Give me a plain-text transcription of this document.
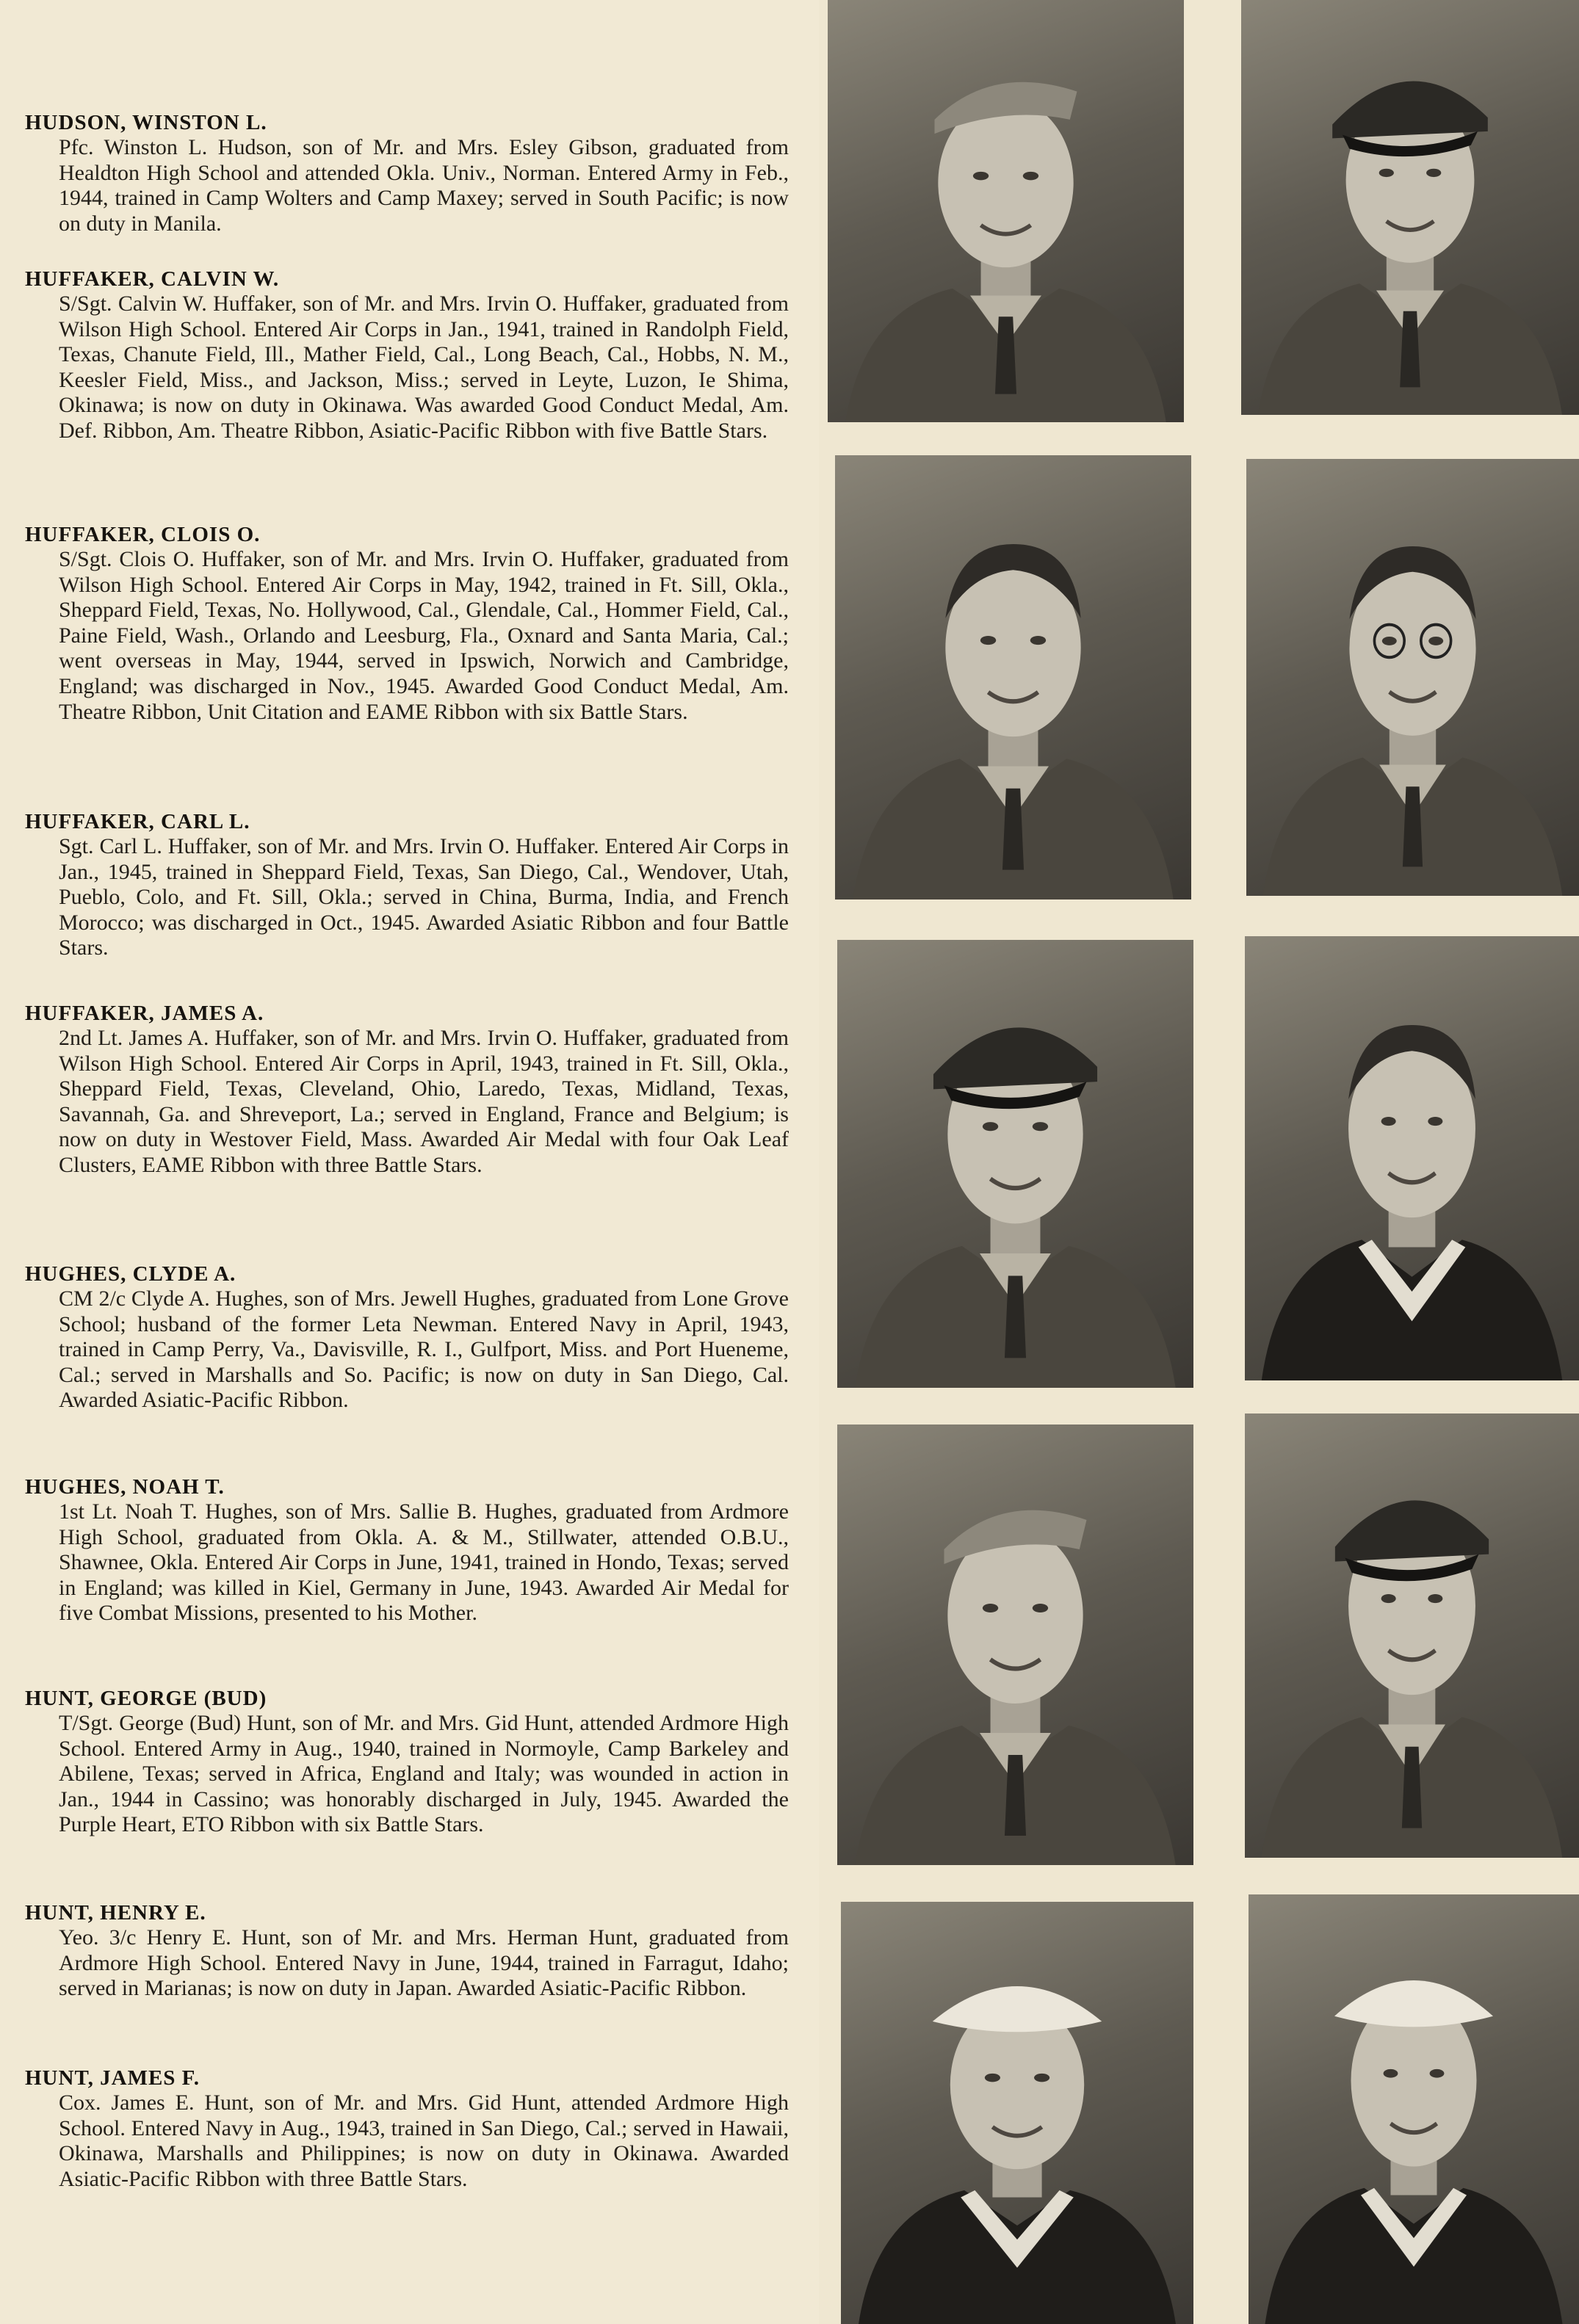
HUDSON, WINSTON L.

Pfc. Winston L. Hudson, son of Mr. and Mrs. Esley Gibson, graduated from Healdton High School and attended Okla. Univ., Norman. Entered Army in Feb., 1944, trained in Camp Wolters and Camp Maxey; served in South Pacific; is now on duty in Manila.

HUFFAKER, CALVIN W.

S/Sgt. Calvin W. Huffaker, son of Mr. and Mrs. Irvin O. Huffaker, graduated from Wilson High School. Entered Air Corps in Jan., 1941, trained in Randolph Field, Texas, Chanute Field, Ill., Mather Field, Cal., Long Beach, Cal., Hobbs, N. M., Keesler Field, Miss., and Jackson, Miss.; served in Leyte, Luzon, Ie Shima, Okinawa; is now on duty in Okinawa. Was awarded Good Conduct Medal, Am. Def. Ribbon, Am. Theatre Ribbon, Asiatic-Pacific Ribbon with five Battle Stars.

HUFFAKER, CLOIS O.

S/Sgt. Clois O. Huffaker, son of Mr. and Mrs. Irvin O. Huffaker, graduated from Wilson High School. Entered Air Corps in May, 1942, trained in Ft. Sill, Okla., Sheppard Field, Texas, No. Hollywood, Cal., Glendale, Cal., Hommer Field, Cal., Paine Field, Wash., Orlando and Leesburg, Fla., Oxnard and Santa Maria, Cal.; went overseas in May, 1944, served in Ipswich, Norwich and Cambridge, England; was discharged in Nov., 1945. Awarded Good Conduct Medal, Am. Theatre Ribbon, Unit Citation and EAME Ribbon with six Battle Stars.

HUFFAKER, CARL L.

Sgt. Carl L. Huffaker, son of Mr. and Mrs. Irvin O. Huffaker. Entered Air Corps in Jan., 1945, trained in Sheppard Field, Texas, San Diego, Cal., Wendover, Utah, Pueblo, Colo, and Ft. Sill, Okla.; served in China, Burma, India, and French Morocco; was discharged in Oct., 1945. Awarded Asiatic Ribbon and four Battle Stars.

HUFFAKER, JAMES A.

2nd Lt. James A. Huffaker, son of Mr. and Mrs. Irvin O. Huffaker, graduated from Wilson High School. Entered Air Corps in April, 1943, trained in Ft. Sill, Okla., Sheppard Field, Texas, Cleveland, Ohio, Laredo, Texas, Midland, Texas, Savannah, Ga. and Shreveport, La.; served in England, France and Belgium; is now on duty in Westover Field, Mass. Awarded Air Medal with four Oak Leaf Clusters, EAME Ribbon with three Battle Stars.

HUGHES, CLYDE A.

CM 2/c Clyde A. Hughes, son of Mrs. Jewell Hughes, graduated from Lone Grove School; husband of the former Leta Newman. Entered Navy in April, 1943, trained in Camp Perry, Va., Davisville, R. I., Gulfport, Miss. and Port Hueneme, Cal.; served in Marshalls and So. Pacific; is now on duty in San Diego, Cal. Awarded Asiatic-Pacific Ribbon.

HUGHES, NOAH T.

1st Lt. Noah T. Hughes, son of Mrs. Sallie B. Hughes, graduated from Ardmore High School, graduated from Okla. A. & M., Stillwater, attended O.B.U., Shawnee, Okla. Entered Air Corps in June, 1941, trained in Hondo, Texas; served in England; was killed in Kiel, Germany in June, 1943. Awarded Air Medal for five Combat Missions, presented to his Mother.

HUNT, GEORGE (BUD)

T/Sgt. George (Bud) Hunt, son of Mr. and Mrs. Gid Hunt, attended Ardmore High School. Entered Army in Aug., 1940, trained in Normoyle, Camp Barkeley and Abilene, Texas; served in Africa, England and Italy; was wounded in action in Jan., 1944 in Cassino; was honorably discharged in July, 1945. Awarded the Purple Heart, ETO Ribbon with six Battle Stars.

HUNT, HENRY E.

Yeo. 3/c Henry E. Hunt, son of Mr. and Mrs. Herman Hunt, graduated from Ardmore High School. Entered Navy in June, 1944, trained in Farragut, Idaho; served in Marianas; is now on duty in Japan. Awarded Asiatic-Pacific Ribbon.

HUNT, JAMES F.

Cox. James E. Hunt, son of Mr. and Mrs. Gid Hunt, attended Ardmore High School. Entered Navy in Aug., 1943, trained in San Diego, Cal.; served in Hawaii, Okinawa, Marshalls and Philippines; is now on duty in Okinawa. Awarded Asiatic-Pacific Ribbon with three Battle Stars.
